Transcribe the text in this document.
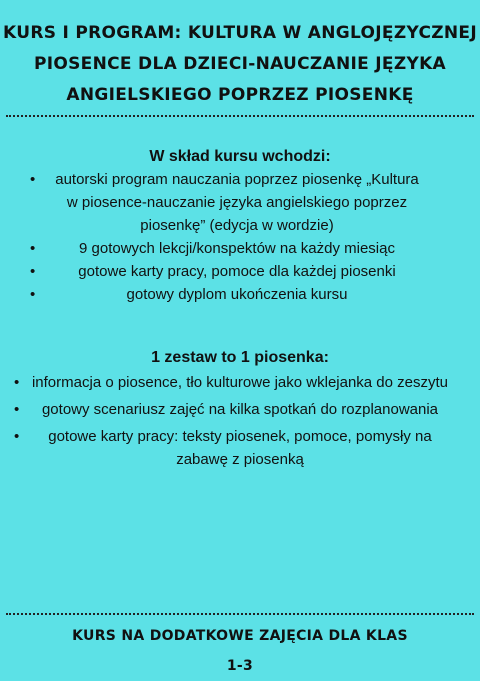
KURS I PROGRAM: KULTURA W ANGLOJĘZYCZNEJ
PIOSENCE DLA DZIECI-NAUCZANIE JĘZYKA
ANGIELSKIEGO POPRZEZ PIOSENKĘ
W skład kursu wchodzi:
• autorski program nauczania poprzez piosenkę „Kultura w piosence-nauczanie języka angielskiego poprzez piosenkę” (edycja w wordzie)
•	9 gotowych lekcji/konspektów na każdy miesiąc
•	gotowe karty pracy, pomoce dla każdej piosenki
•	gotowy dyplom ukończenia kursu
1 zestaw to 1 piosenka:
• informacja o piosence, tło kulturowe jako wklejanka do zeszytu
• gotowy scenariusz zajęć na kilka spotkań do rozplanowania
• gotowe karty pracy: teksty piosenek, pomoce, pomysły na zabawę z piosenką
KURS NA DODATKOWE ZAJĘCIA DLA KLAS
1-3
